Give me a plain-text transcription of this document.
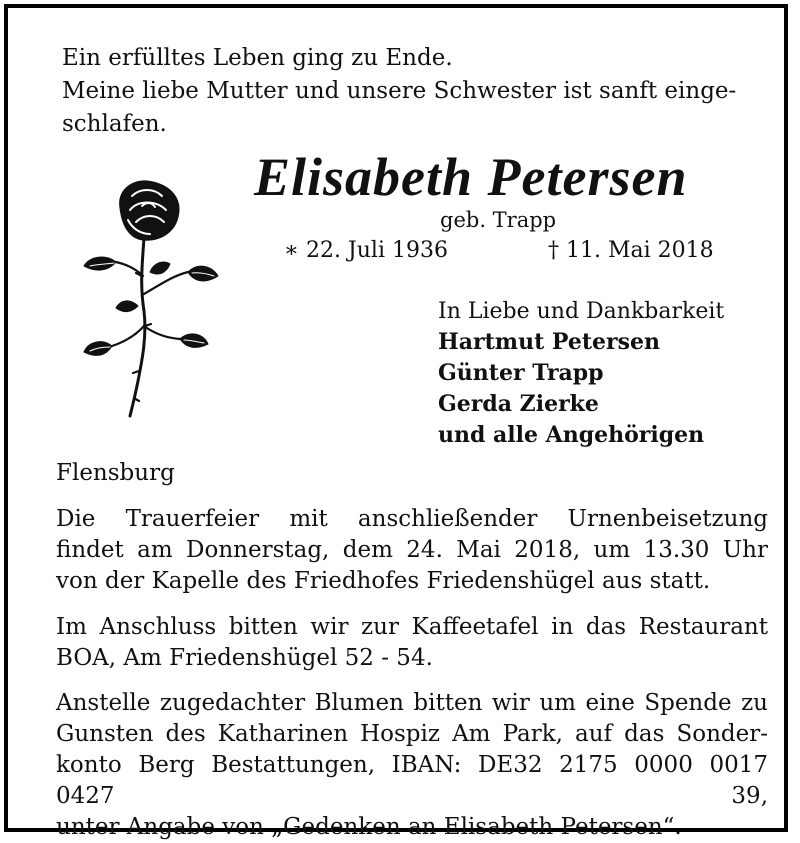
Ein erfülltes Leben ging zu Ende.
Meine liebe Mutter und unsere Schwester ist sanft einge-
schlafen.

Elisabeth Petersen
geb. Trapp
∗ 22. Juli 1936	† 11. Mai 2018
In Liebe und Dankbarkeit
Hartmut Petersen
Günter Trapp
Gerda Zierke
und alle Angehörigen
Flensburg

Die Trauerfeier mit anschließender Urnenbeisetzung
findet am Donnerstag, dem 24. Mai 2018, um 13.30 Uhr
von der Kapelle des Friedhofes Friedenshügel aus statt.

Im Anschluss bitten wir zur Kaffeetafel in das Restaurant
BOA, Am Friedenshügel 52 - 54.

Anstelle zugedachter Blumen bitten wir um eine Spende zu
Gunsten des Katharinen Hospiz Am Park, auf das Sonder-
konto Berg Bestattungen, IBAN: DE32 2175 0000 0017 0427 39,
unter Angabe von „Gedenken an Elisabeth Petersen“.
